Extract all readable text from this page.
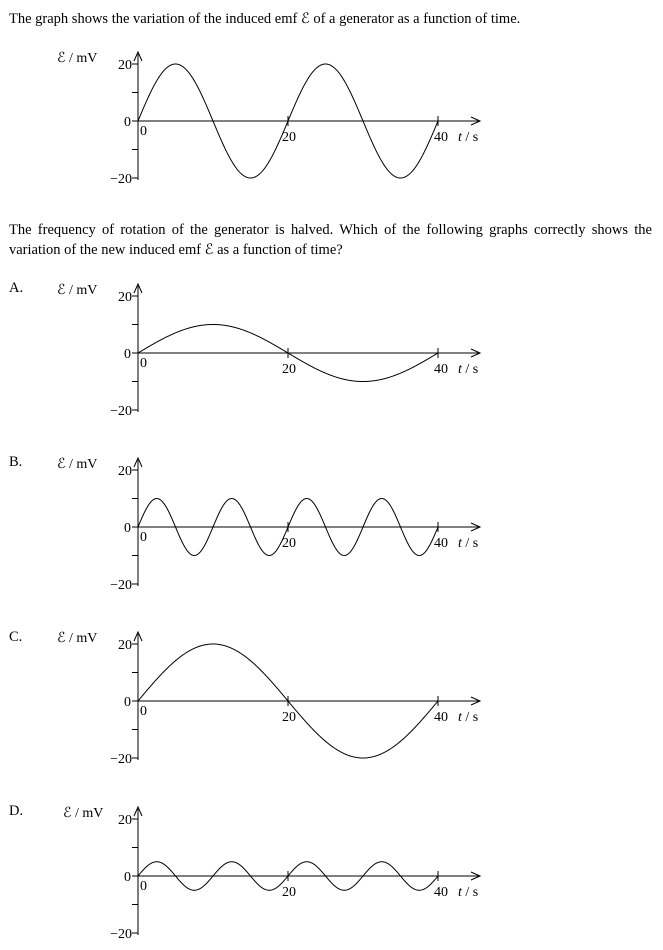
The graph shows the variation of the induced emf ℰ of a generator as a function of time.
The frequency of rotation of the generator is halved. Which of the following graphs correctly shows the variation of the new induced emf ℰ as a function of time?
A.
B.
C.
D.
20
0
−20
0	20	40
ℰ / mV
t / s
20
0
−20
0	20	40
ℰ / mV
t / s
20
0
−20
0	20	40
ℰ / mV
t / s
20
0
−20
0	20	40
ℰ / mV
t / s
20
0
−20
0	20	40
ℰ / mV
t / s
